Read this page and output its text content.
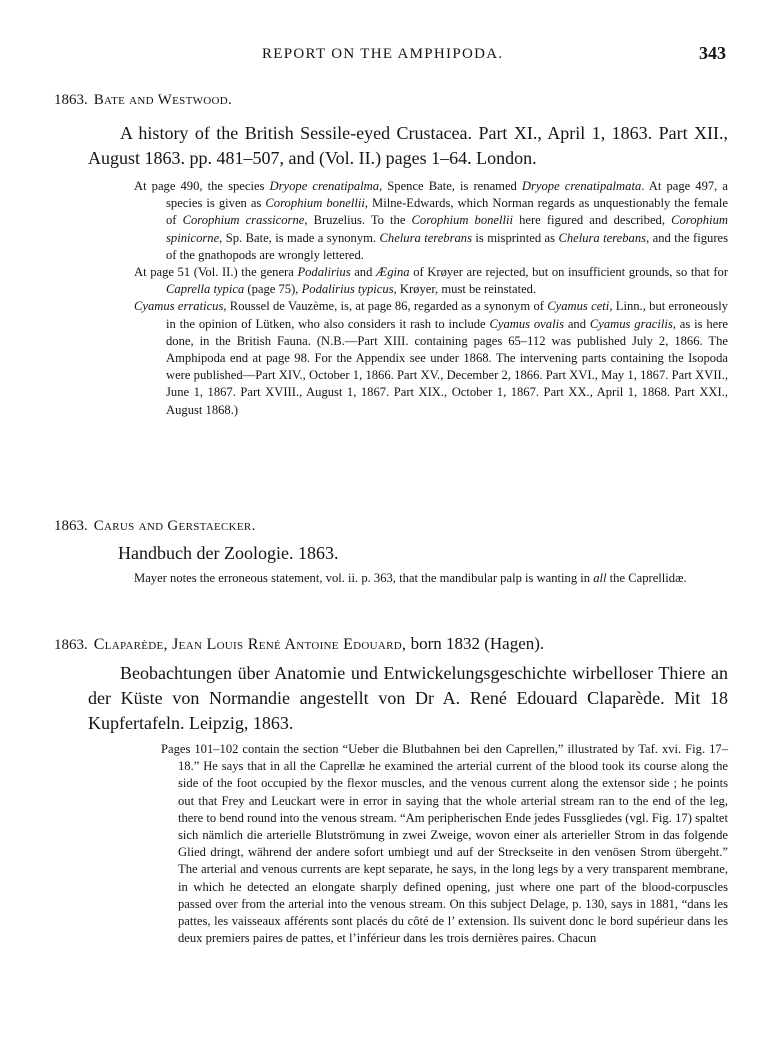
REPORT ON THE AMPHIPODA.	343
1863. Bate and Westwood.
A history of the British Sessile-eyed Crustacea. Part XI., April 1, 1863. Part XII., August 1863. pp. 481–507, and (Vol. II.) pages 1–64. London.

At page 490, the species Dryope crenatipalma, Spence Bate, is renamed Dryope crenatipalmata. At page 497, a species is given as Corophium bonellii, Milne-Edwards, which Norman regards as unquestionably the female of Corophium crassicorne, Bruzelius. To the Corophium bonellii here figured and described, Corophium spinicorne, Sp. Bate, is made a synonym. Chelura terebrans is misprinted as Chelura terebans, and the figures of the gnathopods are wrongly lettered.

At page 51 (Vol. II.) the genera Podalirius and Ægina of Krøyer are rejected, but on insufficient grounds, so that for Caprella typica (page 75), Podalirius typicus, Krøyer, must be reinstated.

Cyamus erraticus, Roussel de Vauzème, is, at page 86, regarded as a synonym of Cyamus ceti, Linn., but erroneously in the opinion of Lütken, who also considers it rash to include Cyamus ovalis and Cyamus gracilis, as is here done, in the British Fauna. (N.B.—Part XIII. containing pages 65–112 was published July 2, 1866. The Amphipoda end at page 98. For the Appendix see under 1868. The intervening parts containing the Isopoda were published—Part XIV., October 1, 1866. Part XV., December 2, 1866. Part XVI., May 1, 1867. Part XVII., June 1, 1867. Part XVIII., August 1, 1867. Part XIX., October 1, 1867. Part XX., April 1, 1868. Part XXI., August 1868.)

1863. Carus and Gerstaecker.
Handbuch der Zoologie. 1863.

Mayer notes the erroneous statement, vol. ii. p. 363, that the mandibular palp is wanting in all the Caprellidæ.

1863. Claparède, Jean Louis René Antoine Edouard, born 1832 (Hagen).
Beobachtungen über Anatomie und Entwickelungsgeschichte wirbelloser Thiere an der Küste von Normandie angestellt von Dr A. René Edouard Claparède. Mit 18 Kupfertafeln. Leipzig, 1863.

Pages 101–102 contain the section “Ueber die Blutbahnen bei den Caprellen,” illustrated by Taf. xvi. Fig. 17–18.” He says that in all the Caprellæ he examined the arterial current of the blood took its course along the side of the foot occupied by the flexor muscles, and the venous current along the extensor side ; he points out that Frey and Leuckart were in error in saying that the whole arterial stream ran to the end of the leg, there to bend round into the venous stream. “Am peripherischen Ende jedes Fussgliedes (vgl. Fig. 17) spaltet sich nämlich die arterielle Blutströmung in zwei Zweige, wovon einer als arterieller Strom in das folgende Glied dringt, während der andere sofort umbiegt und auf der Streckseite in den venösen Strom übergeht.” The arterial and venous currents are kept separate, he says, in the long legs by a very transparent membrane, in which he detected an elongate sharply defined opening, just where one part of the blood-corpuscles passed over from the arterial into the venous stream. On this subject Delage, p. 130, says in 1881, “dans les pattes, les vaisseaux afférents sont placés du côté de l’ extension. Ils suivent donc le bord supérieur dans les deux premiers paires de pattes, et l’inférieur dans les trois dernières paires. Chacun
